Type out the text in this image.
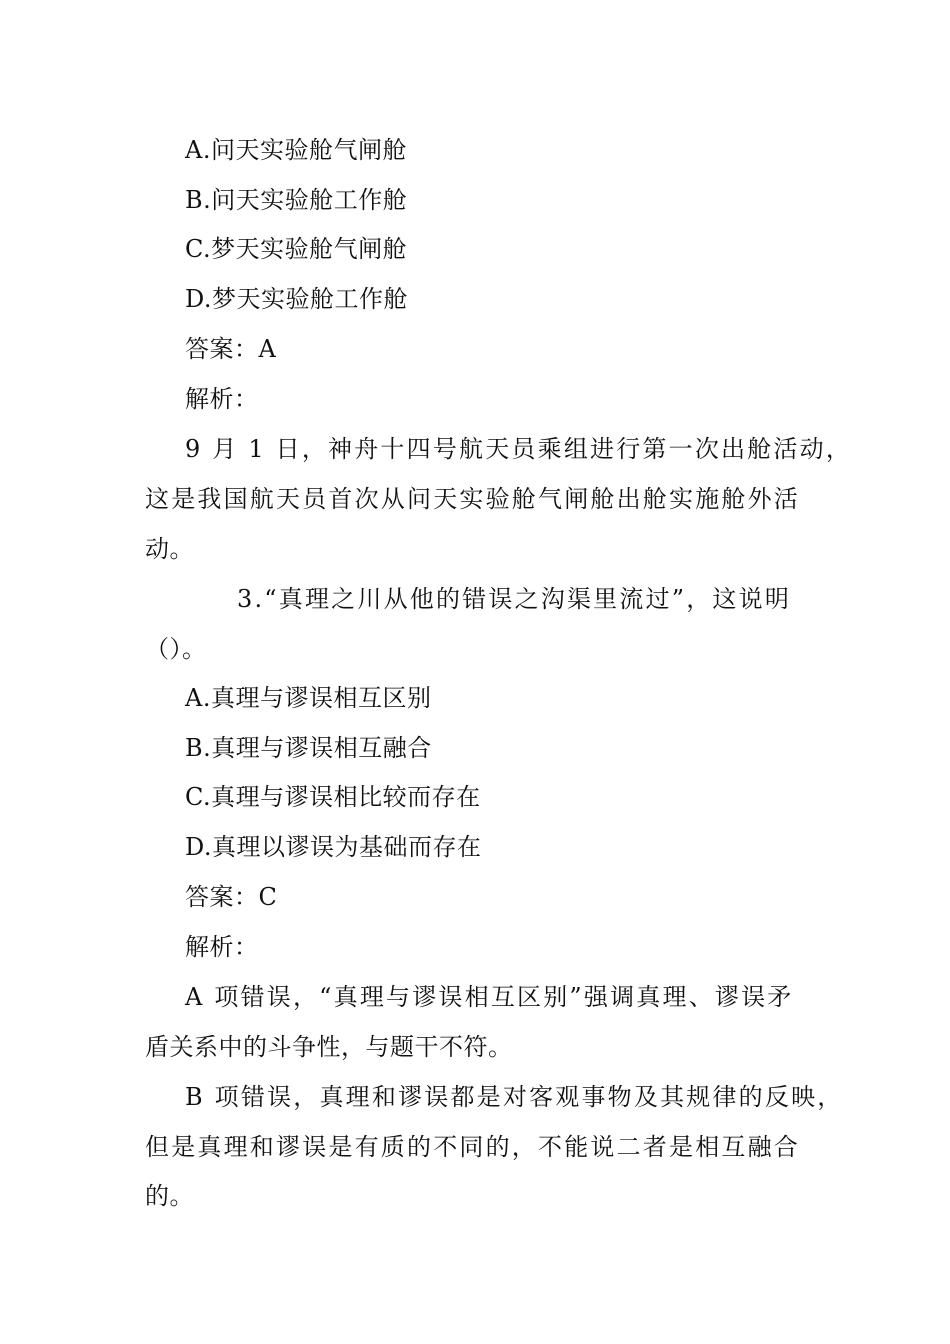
A.问天实验舱气闸舱
B.问天实验舱工作舱
C.梦天实验舱气闸舱
D.梦天实验舱工作舱
答案：A
解析：
9 月 1 日，神舟十四号航天员乘组进行第一次出舱活动，
这是我国航天员首次从问天实验舱气闸舱出舱实施舱外活
动。
3.“真理之川从他的错误之沟渠里流过”，这说明
（）。
A.真理与谬误相互区别
B.真理与谬误相互融合
C.真理与谬误相比较而存在
D.真理以谬误为基础而存在
答案：C
解析：
A 项错误，“真理与谬误相互区别”强调真理、谬误矛
盾关系中的斗争性，与题干不符。
B 项错误，真理和谬误都是对客观事物及其规律的反映，
但是真理和谬误是有质的不同的，不能说二者是相互融合
的。
